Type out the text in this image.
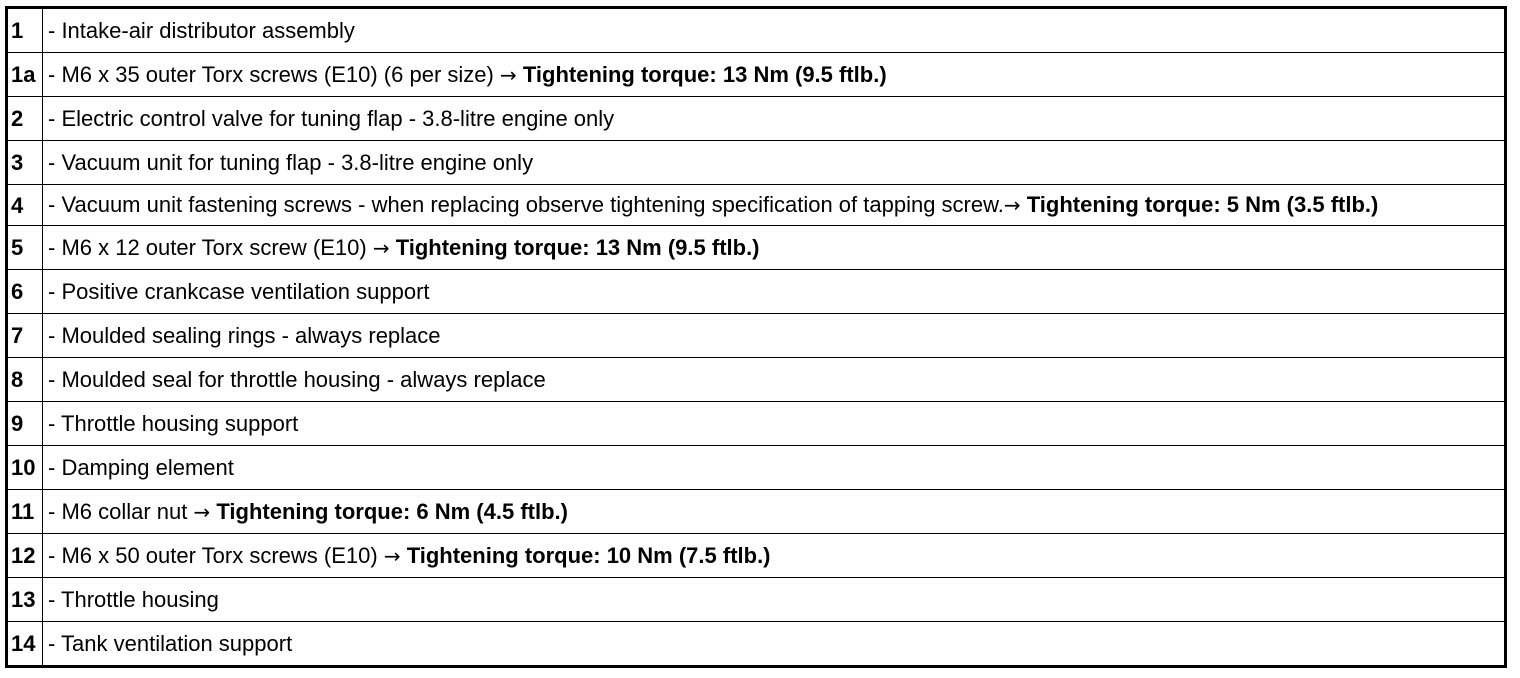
1	- Intake-air distributor assembly
1a	- M6 x 35 outer Torx screws (E10) (6 per size) → Tightening torque: 13 Nm (9.5 ftlb.)
2	- Electric control valve for tuning flap - 3.8-litre engine only
3	- Vacuum unit for tuning flap - 3.8-litre engine only
4	- Vacuum unit fastening screws - when replacing observe tightening specification of tapping screw.→ Tightening torque: 5 Nm (3.5 ftlb.)
5	- M6 x 12 outer Torx screw (E10) → Tightening torque: 13 Nm (9.5 ftlb.)
6	- Positive crankcase ventilation support
7	- Moulded sealing rings - always replace
8	- Moulded seal for throttle housing - always replace
9	- Throttle housing support
10	- Damping element
11	- M6 collar nut → Tightening torque: 6 Nm (4.5 ftlb.)
12	- M6 x 50 outer Torx screws (E10) → Tightening torque: 10 Nm (7.5 ftlb.)
13	- Throttle housing
14	- Tank ventilation support
